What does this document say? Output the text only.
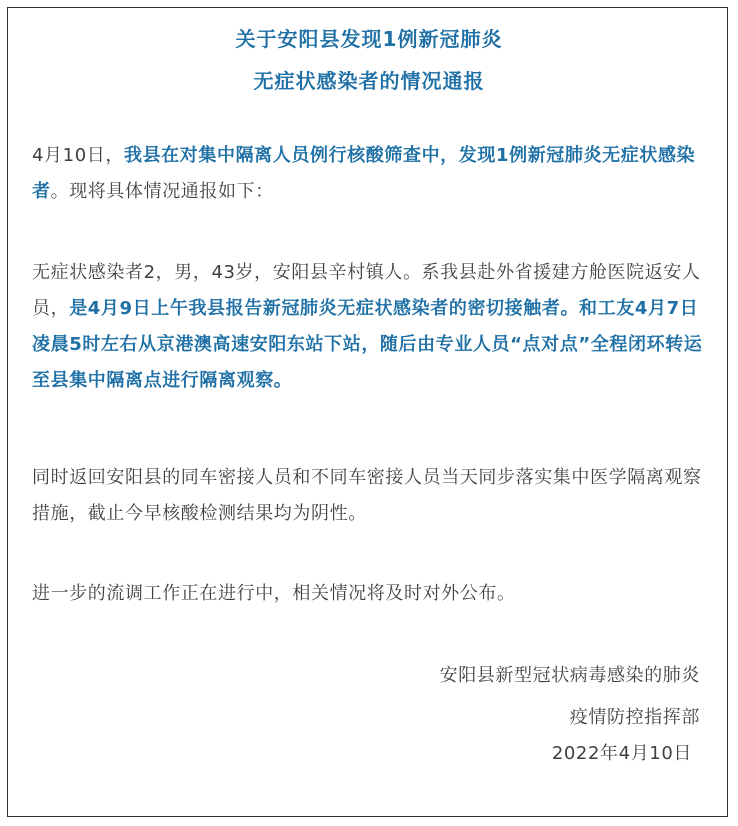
关于安阳县发现1例新冠肺炎
无症状感染者的情况通报

4月10日，我县在对集中隔离人员例行核酸筛查中，发现1例新冠肺炎无症状感染者。现将具体情况通报如下：

无症状感染者2，男，43岁，安阳县辛村镇人。系我县赴外省援建方舱医院返安人员，是4月9日上午我县报告新冠肺炎无症状感染者的密切接触者。和工友4月7日凌晨5时左右从京港澳高速安阳东站下站，随后由专业人员“点对点”全程闭环转运至县集中隔离点进行隔离观察。

同时返回安阳县的同车密接人员和不同车密接人员当天同步落实集中医学隔离观察措施，截止今早核酸检测结果均为阴性。

进一步的流调工作正在进行中，相关情况将及时对外公布。

安阳县新型冠状病毒感染的肺炎
疫情防控指挥部
2022年4月10日
